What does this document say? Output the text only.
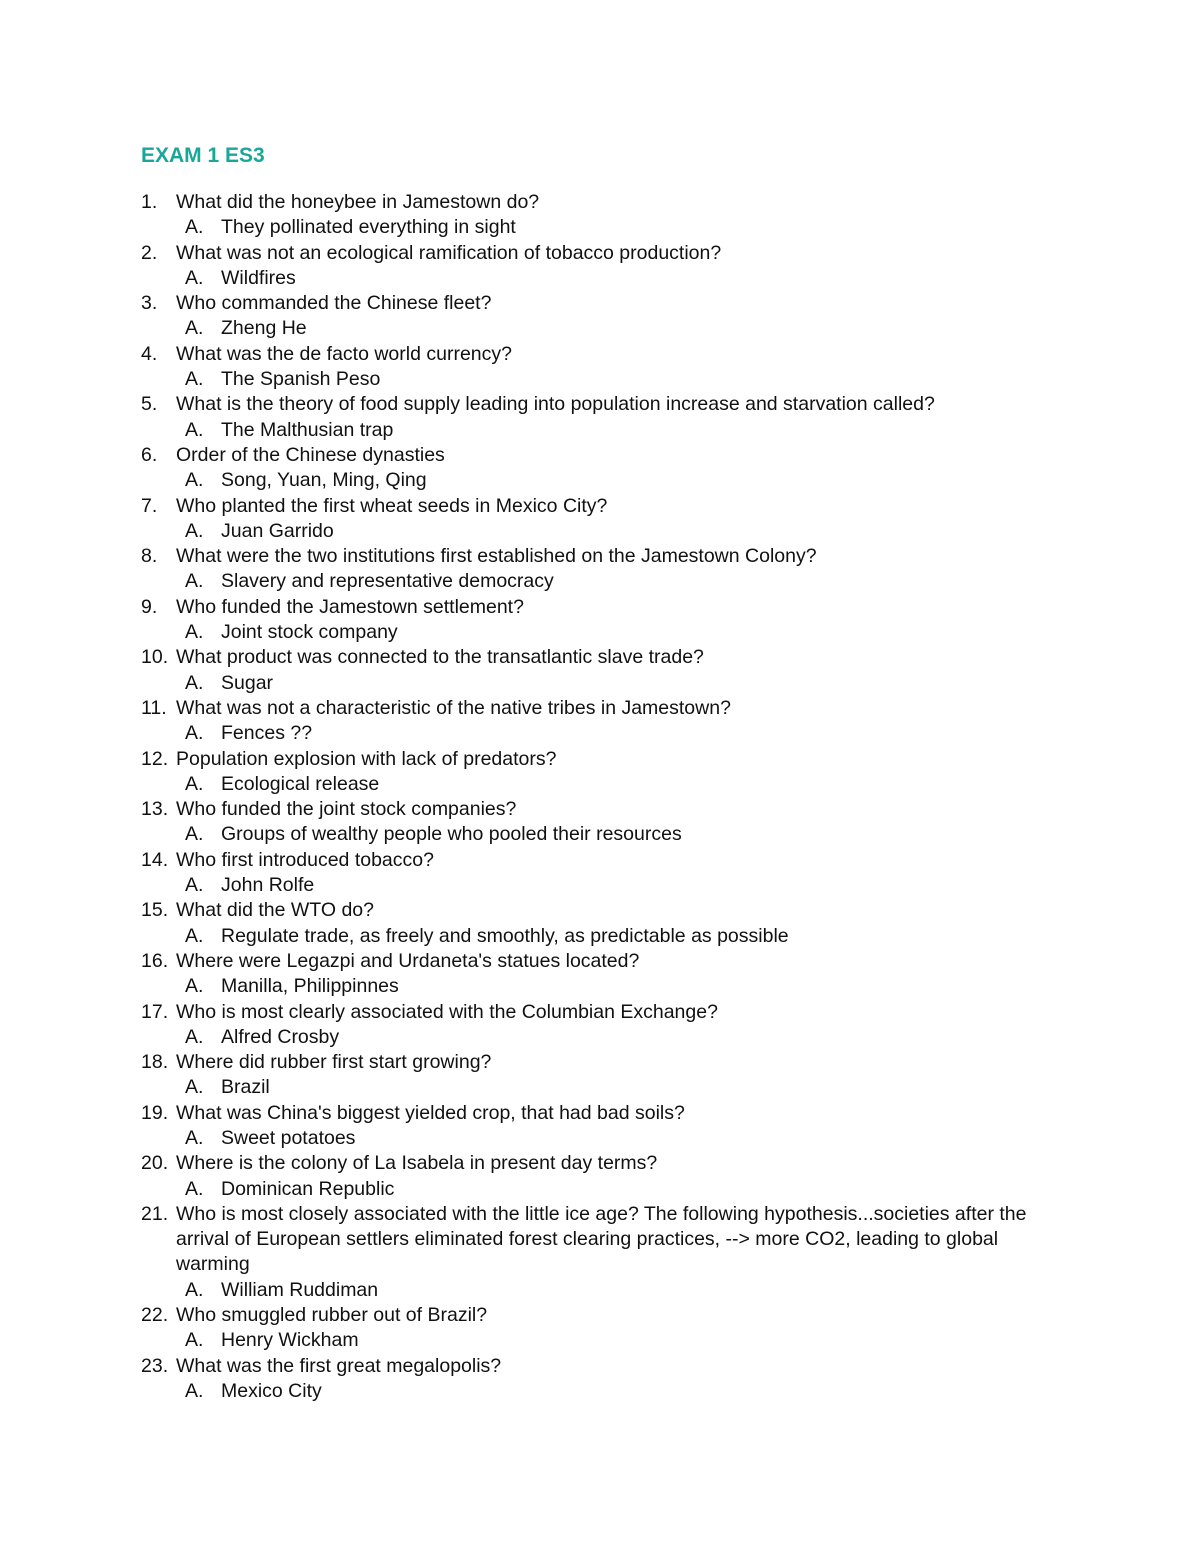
EXAM 1 ES3
1. What did the honeybee in Jamestown do?
A. They pollinated everything in sight
2. What was not an ecological ramification of tobacco production?
A. Wildfires
3. Who commanded the Chinese fleet?
A. Zheng He
4. What was the de facto world currency?
A. The Spanish Peso
5. What is the theory of food supply leading into population increase and starvation called?
A. The Malthusian trap
6. Order of the Chinese dynasties
A. Song, Yuan, Ming, Qing
7. Who planted the first wheat seeds in Mexico City?
A. Juan Garrido
8. What were the two institutions first established on the Jamestown Colony?
A. Slavery and representative democracy
9. Who funded the Jamestown settlement?
A. Joint stock company
10. What product was connected to the transatlantic slave trade?
A. Sugar
11. What was not a characteristic of the native tribes in Jamestown?
A. Fences ??
12. Population explosion with lack of predators?
A. Ecological release
13. Who funded the joint stock companies?
A. Groups of wealthy people who pooled their resources
14. Who first introduced tobacco?
A. John Rolfe
15. What did the WTO do?
A. Regulate trade, as freely and smoothly, as predictable as possible
16. Where were Legazpi and Urdaneta's statues located?
A. Manilla, Philippinnes
17. Who is most clearly associated with the Columbian Exchange?
A. Alfred Crosby
18. Where did rubber first start growing?
A. Brazil
19. What was China's biggest yielded crop, that had bad soils?
A. Sweet potatoes
20. Where is the colony of La Isabela in present day terms?
A. Dominican Republic
21. Who is most closely associated with the little ice age? The following hypothesis...societies after the arrival of European settlers eliminated forest clearing practices, --> more CO2, leading to global warming
A. William Ruddiman
22. Who smuggled rubber out of Brazil?
A. Henry Wickham
23. What was the first great megalopolis?
A. Mexico City
